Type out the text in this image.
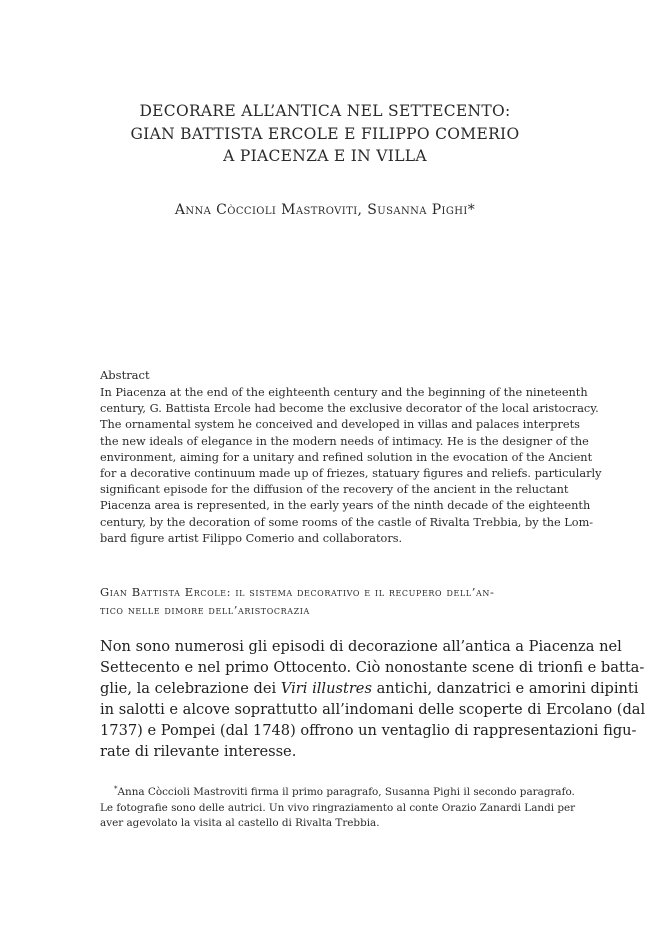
DECORARE ALL’ANTICA NEL SETTECENTO:
GIAN BATTISTA ERCOLE E FILIPPO COMERIO
A PIACENZA E IN VILLA
Anna Còccioli Mastroviti, Susanna Pighi*
Abstract
In Piacenza at the end of the eighteenth century and the beginning of the nineteenth
century, G. Battista Ercole had become the exclusive decorator of the local aristocracy.
The ornamental system he conceived and developed in villas and palaces interprets
the new ideals of elegance in the modern needs of intimacy. He is the designer of the
environment, aiming for a unitary and refined solution in the evocation of the Ancient
for a decorative continuum made up of friezes, statuary figures and reliefs. particularly
significant episode for the diffusion of the recovery of the ancient in the reluctant
Piacenza area is represented, in the early years of the ninth decade of the eighteenth
century, by the decoration of some rooms of the castle of Rivalta Trebbia, by the Lom-
bard figure artist Filippo Comerio and collaborators.
Gian Battista Ercole: il sistema decorativo e il recupero dell’an-
tico nelle dimore dell’aristocrazia
Non sono numerosi gli episodi di decorazione all’antica a Piacenza nel
Settecento e nel primo Ottocento. Ciò nonostante scene di trionfi e batta-
glie, la celebrazione dei Viri illustres antichi, danzatrici e amorini dipinti
in salotti e alcove soprattutto all’indomani delle scoperte di Ercolano (dal
1737) e Pompei (dal 1748) offrono un ventaglio di rappresentazioni figu-
rate di rilevante interesse.
*Anna Còccioli Mastroviti firma il primo paragrafo, Susanna Pighi il secondo paragrafo.
Le fotografie sono delle autrici. Un vivo ringraziamento al conte Orazio Zanardi Landi per
aver agevolato la visita al castello di Rivalta Trebbia.
